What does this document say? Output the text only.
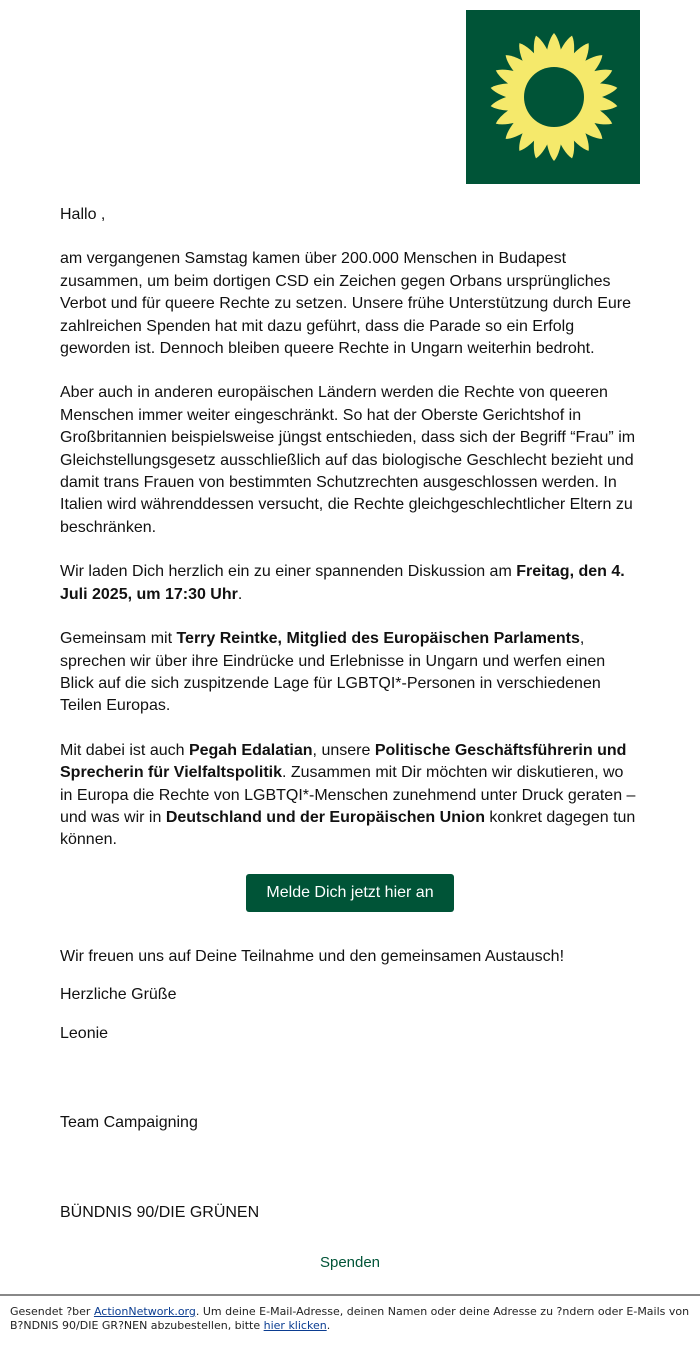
Hallo ,

am vergangenen Samstag kamen über 200.000 Menschen in Budapest zusammen, um beim dortigen CSD ein Zeichen gegen Orbans ursprüngliches Verbot und für queere Rechte zu setzen. Unsere frühe Unterstützung durch Eure zahlreichen Spenden hat mit dazu geführt, dass die Parade so ein Erfolg geworden ist. Dennoch bleiben queere Rechte in Ungarn weiterhin bedroht.

Aber auch in anderen europäischen Ländern werden die Rechte von queeren Menschen immer weiter eingeschränkt. So hat der Oberste Gerichtshof in Großbritannien beispielsweise jüngst entschieden, dass sich der Begriff “Frau” im Gleichstellungsgesetz ausschließlich auf das biologische Geschlecht bezieht und damit trans Frauen von bestimmten Schutzrechten ausgeschlossen werden. In Italien wird währenddessen versucht, die Rechte gleichgeschlechtlicher Eltern zu beschränken.

Wir laden Dich herzlich ein zu einer spannenden Diskussion am Freitag, den 4. Juli 2025, um 17:30 Uhr.

Gemeinsam mit Terry Reintke, Mitglied des Europäischen Parlaments, sprechen wir über ihre Eindrücke und Erlebnisse in Ungarn und werfen einen Blick auf die sich zuspitzende Lage für LGBTQI*-Personen in verschiedenen Teilen Europas.

Mit dabei ist auch Pegah Edalatian, unsere Politische Geschäftsführerin und Sprecherin für Vielfaltspolitik. Zusammen mit Dir möchten wir diskutieren, wo in Europa die Rechte von LGBTQI*-Menschen zunehmend unter Druck geraten – und was wir in Deutschland und der Europäischen Union konkret dagegen tun können.

Melde Dich jetzt hier an
Wir freuen uns auf Deine Teilnahme und den gemeinsamen Austausch!
Herzliche Grüße
Leonie
Team Campaigning
BÜNDNIS 90/DIE GRÜNEN
Spenden
Gesendet ?ber ActionNetwork.org. Um deine E-Mail-Adresse, deinen Namen oder deine Adresse zu ?ndern oder E-Mails von B?NDNIS 90/DIE GR?NEN abzubestellen, bitte hier klicken.
